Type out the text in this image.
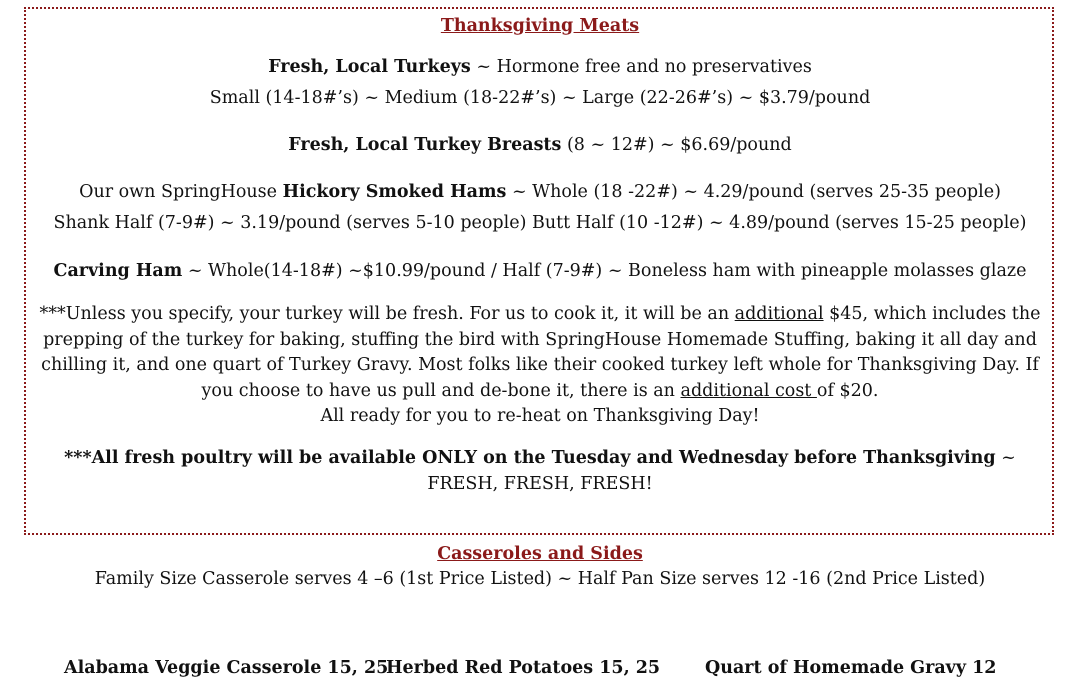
Thanksgiving Meats
Fresh, Local Turkeys ~ Hormone free and no preservatives
Small (14-18#’s) ~ Medium (18-22#’s) ~ Large (22-26#’s) ~ $3.79/pound
Fresh, Local Turkey Breasts (8 ~ 12#) ~ $6.69/pound
Our own SpringHouse Hickory Smoked Hams ~ Whole (18 -22#) ~ 4.29/pound (serves 25-35 people)
Shank Half (7-9#) ~ 3.19/pound (serves 5-10 people) Butt Half (10 -12#) ~ 4.89/pound (serves 15-25 people)
Carving Ham ~ Whole(14-18#) ~$10.99/pound / Half (7-9#) ~ Boneless ham with pineapple molasses glaze
***Unless you specify, your turkey will be fresh. For us to cook it, it will be an additional $45, which includes the
prepping of the turkey for baking, stuffing the bird with SpringHouse Homemade Stuffing, baking it all day and
chilling it, and one quart of Turkey Gravy. Most folks like their cooked turkey left whole for Thanksgiving Day. If
you choose to have us pull and de-bone it, there is an additional cost of $20.
All ready for you to re-heat on Thanksgiving Day!
***All fresh poultry will be available ONLY on the Tuesday and Wednesday before Thanksgiving ~
FRESH, FRESH, FRESH!
Casseroles and Sides
Family Size Casserole serves 4 –6 (1st Price Listed) ~ Half Pan Size serves 12 -16 (2nd Price Listed)
Alabama Veggie Casserole 15, 25
Herbed Red Potatoes 15, 25	Quart of Homemade Gravy 12
